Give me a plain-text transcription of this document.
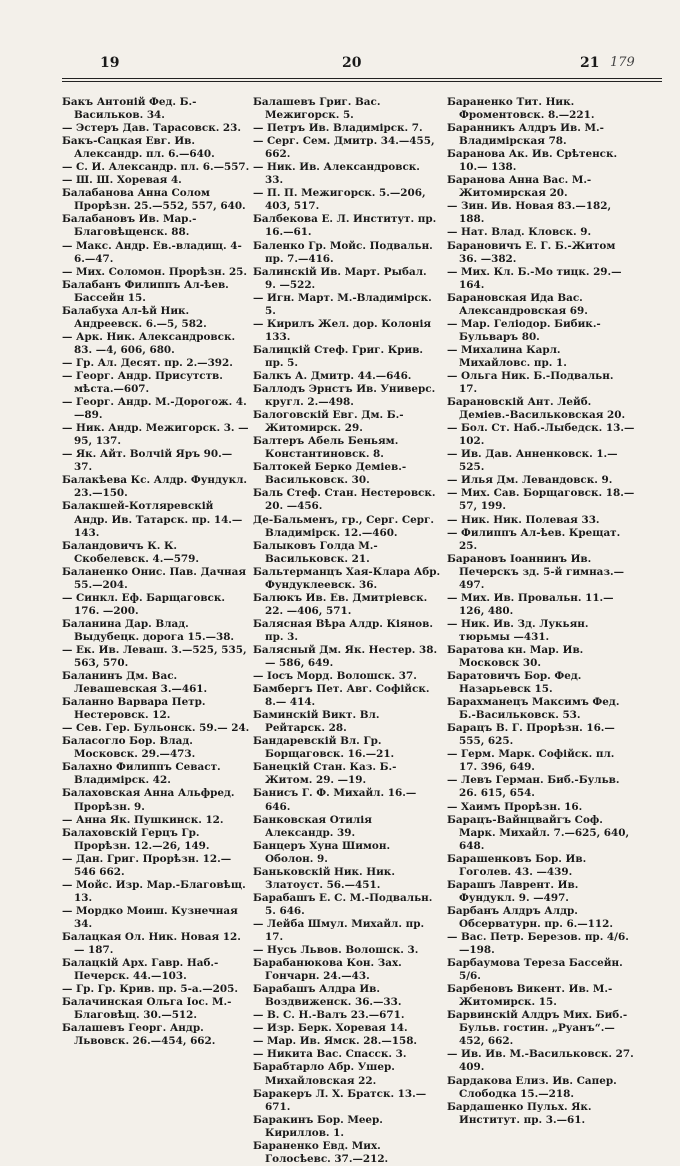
19	20	21 179

Бакъ Антоній Фед. Б.-Васильков. 34.

— Эстеръ Дав. Тарасовск. 23.

Бакъ-Сацкая Евг. Ив. Александр. пл. 6.—640.

— С. И. Александр. пл. 6.—557.

— Ш. Ш. Хоревая 4.

Балабанова Анна Солом Прорѣзн. 25.—552, 557, 640.

Балабановъ Ив. Мар.-Благовѣщенск. 88.

— Макс. Андр. Ев.-владищ. 4-6.—47.

— Мих. Соломон. Прорѣзн. 25.

Балабанъ Филиппъ Ал-ѣев. Бассейн 15.

Балабуха Ал-ѣй Ник. Андреевск. 6.—5, 582.

— Арк. Ник. Александровск. 83. —4, 606, 680.

— Гр. Ал. Десят. пр. 2.—392.

— Георг. Андр. Присутств. мѣста.—607.

— Георг. Андр. М.-Дорогож. 4. —89.

— Ник. Андр. Межигорск. 3. —95, 137.

— Як. Айт. Волчій Яръ 90.— 37.

Балакѣева Кс. Алдр. Фундукл. 23.—150.

Балакшей-Котляревскій Андр. Ив. Татарск. пр. 14.—143.

Баландовичъ К. К. Скобелевск. 4.—579.

Баланенко Онис. Пав. Дачная 55.—204.

— Синкл. Еф. Барщаговск. 176. —200.

Баланина Дар. Влад. Выдубецк. дорога 15.—38.

— Ек. Ив. Леваш. 3.—525, 535, 563, 570.

Баланинъ Дм. Вас. Левашевская 3.—461.

Баланно Варвара Петр. Нестеровск. 12.

— Сев. Гер. Бульонск. 59.— 24.

Баласогло Бор. Влад. Московск. 29.—473.

Балахно Филиппъ Севаст. Владимірск. 42.

Балаховская Анна Альфред. Прорѣзн. 9.

— Анна Як. Пушкинск. 12.

Балаховскій Герцъ Гр. Прорѣзн. 12.—26, 149.

— Дан. Григ. Прорѣзн. 12.— 546 662.

— Мойс. Изр. Мар.-Благовѣщ. 13.

— Мордко Моиш. Кузнечная 34.

Балацкая Ол. Ник. Новая 12.— 187.

Балацкій Арх. Гавр. Наб.-Печерск. 44.—103.

— Гр. Гр. Крив. пр. 5-а.—205.

Балачинская Ольга Іос. М.-Благовѣщ. 30.—512.

Балашевъ Георг. Андр. Львовск. 26.—454, 662.

Балашевъ Григ. Вас. Межигорск. 5.

— Петръ Ив. Владимірск. 7.

— Серг. Сем. Дмитр. 34.—455, 662.

— Ник. Ив. Александровск. 33.

— П. П. Межигорск. 5.—206, 403, 517.

Балбекова Е. Л. Институт. пр. 16.—61.

Баленко Гр. Мойс. Подвальн. пр. 7.—416.

Балинскій Ив. Март. Рыбал. 9. —522.

— Игн. Март. М.-Владимірск. 5.

— Кирилъ Жел. дор. Колонія 133.

Балицкій Стеф. Григ. Крив. пр. 5.

Балкъ А. Дмитр. 44.—646.

Баллодъ Эрнстъ Ив. Универс. кругл. 2.—498.

Балоговскій Евг. Дм. Б.-Житомирск. 29.

Балтеръ Абель Беньям. Константиновск. 8.

Балтокей Берко Деміев.-Васильковск. 30.

Баль Стеф. Стан. Нестеровск. 20. —456.

Де-Бальменъ, гр., Серг. Серг. Владимірск. 12.—460.

Балыковъ Голда М.-Васильковск. 21.

Бальтерманцъ Хая-Клара Абр. Фундуклеевск. 36.

Балюкъ Ив. Ев. Дмитріевск. 22. —406, 571.

Балясная Вѣра Алдр. Кіянов. пр. 3.

Балясный Дм. Як. Нестер. 38.— 586, 649.

— Іосъ Морд. Волошск. 37.

Бамбергъ Пет. Авг. Софійск. 8.— 414.

Баминскій Викт. Вл. Рейтарск. 28.

Бандаревскій Вл. Гр. Борщаговск. 16.—21.

Банецкій Стан. Каз. Б.-Житом. 29. —19.

Банисъ Г. Ф. Михайл. 16.—646.

Банковская Отилія Александр. 39.

Банцеръ Хуна Шимон. Оболон. 9.

Баньковскій Ник. Ник. Златоуст. 56.—451.

Барабашъ Е. С. М.-Подвальн. 5. 646.

— Лейба Шмул. Михайл. пр. 17.

— Нусь Львов. Волошск. 3.

Барабанюкова Кон. Зах. Гончарн. 24.—43.

Барабашъ Алдра Ив. Воздвиженск. 36.—33.

— В. С. Н.-Валъ 23.—671.

— Изр. Берк. Хоревая 14.

— Мар. Ив. Ямск. 28.—158.

— Никита Вас. Спасск. 3.

Барабтарло Абр. Ушер. Михайловская 22.

Баракеръ Л. Х. Братск. 13.—671.

Баракинъ Бор. Меер. Кириллов. 1.

Бараненко Евд. Мих. Голосѣевс. 37.—212.

Бараненко Тит. Ник. Фроментовск. 8.—221.

Баранникъ Алдръ Ив. М.-Владимірская 78.

Баранова Ак. Ив. Срѣтенск. 10.— 138.

Баранова Анна Вас. М.-Житомирская 20.

— Зин. Ив. Новая 83.—182, 188.

— Нат. Влад. Кловск. 9.

Барановичъ Е. Г. Б.-Житом 36. —382.

— Мих. Кл. Б.-Мо тицк. 29.— 164.

Барановская Ида Вас. Александровская 69.

— Мар. Геліодор. Бибик.-Бульваръ 80.

— Михалина Карл. Михайловс. пр. 1.

— Ольга Ник. Б.-Подвальн. 17.

Барановскій Ант. Лейб. Деміев.-Васильковская 20.

— Бол. Ст. Наб.-Лыбедск. 13.— 102.

— Ив. Дав. Анненковск. 1.— 525.

— Илья Дм. Левандовск. 9.

— Мих. Сав. Борщаговск. 18.— 57, 199.

— Ник. Ник. Полевая 33.

— Филиппъ Ал-ѣев. Крещат. 25.

Барановъ Іоаннинъ Ив. Печерскъ зд. 5-й гимназ.—497.

— Мих. Ив. Провальн. 11.—126, 480.

— Ник. Ив. Зд. Лукьян. тюрьмы —431.

Баратова кн. Мар. Ив. Московск 30.

Баратовичъ Бор. Фед. Назарьевск 15.

Барахманецъ Максимъ Фед. Б.-Васильковск. 53.

Барацъ В. Г. Прорѣзн. 16.—555, 625.

— Герм. Марк. Софійск. пл. 17. 396, 649.

— Левъ Герман. Биб.-Бульв. 26. 615, 654.

— Хаимъ Прорѣзн. 16.

Барацъ-Вайнцвайгъ Соф. Марк. Михайл. 7.—625, 640, 648.

Барашенковъ Бор. Ив. Гоголев. 43. —439.

Барашъ Лаврент. Ив. Фундукл. 9. —497.

Барбанъ Алдръ Алдр. Обсерватурн. пр. 6.—112.

— Вас. Петр. Березов. пр. 4/6. —198.

Барбаумова Тереза Бассейн. 5/6.

Барбеновъ Викент. Ив. М.-Житомирск. 15.

Барвинскій Алдръ Мих. Биб.-Бульв. гостин. „Руанъ“.— 452, 662.

— Ив. Ив. М.-Васильковск. 27. 409.

Бардакова Елиз. Ив. Сапер. Слободка 15.—218.

Бардашенко Пульх. Як. Институт. пр. 3.—61.
